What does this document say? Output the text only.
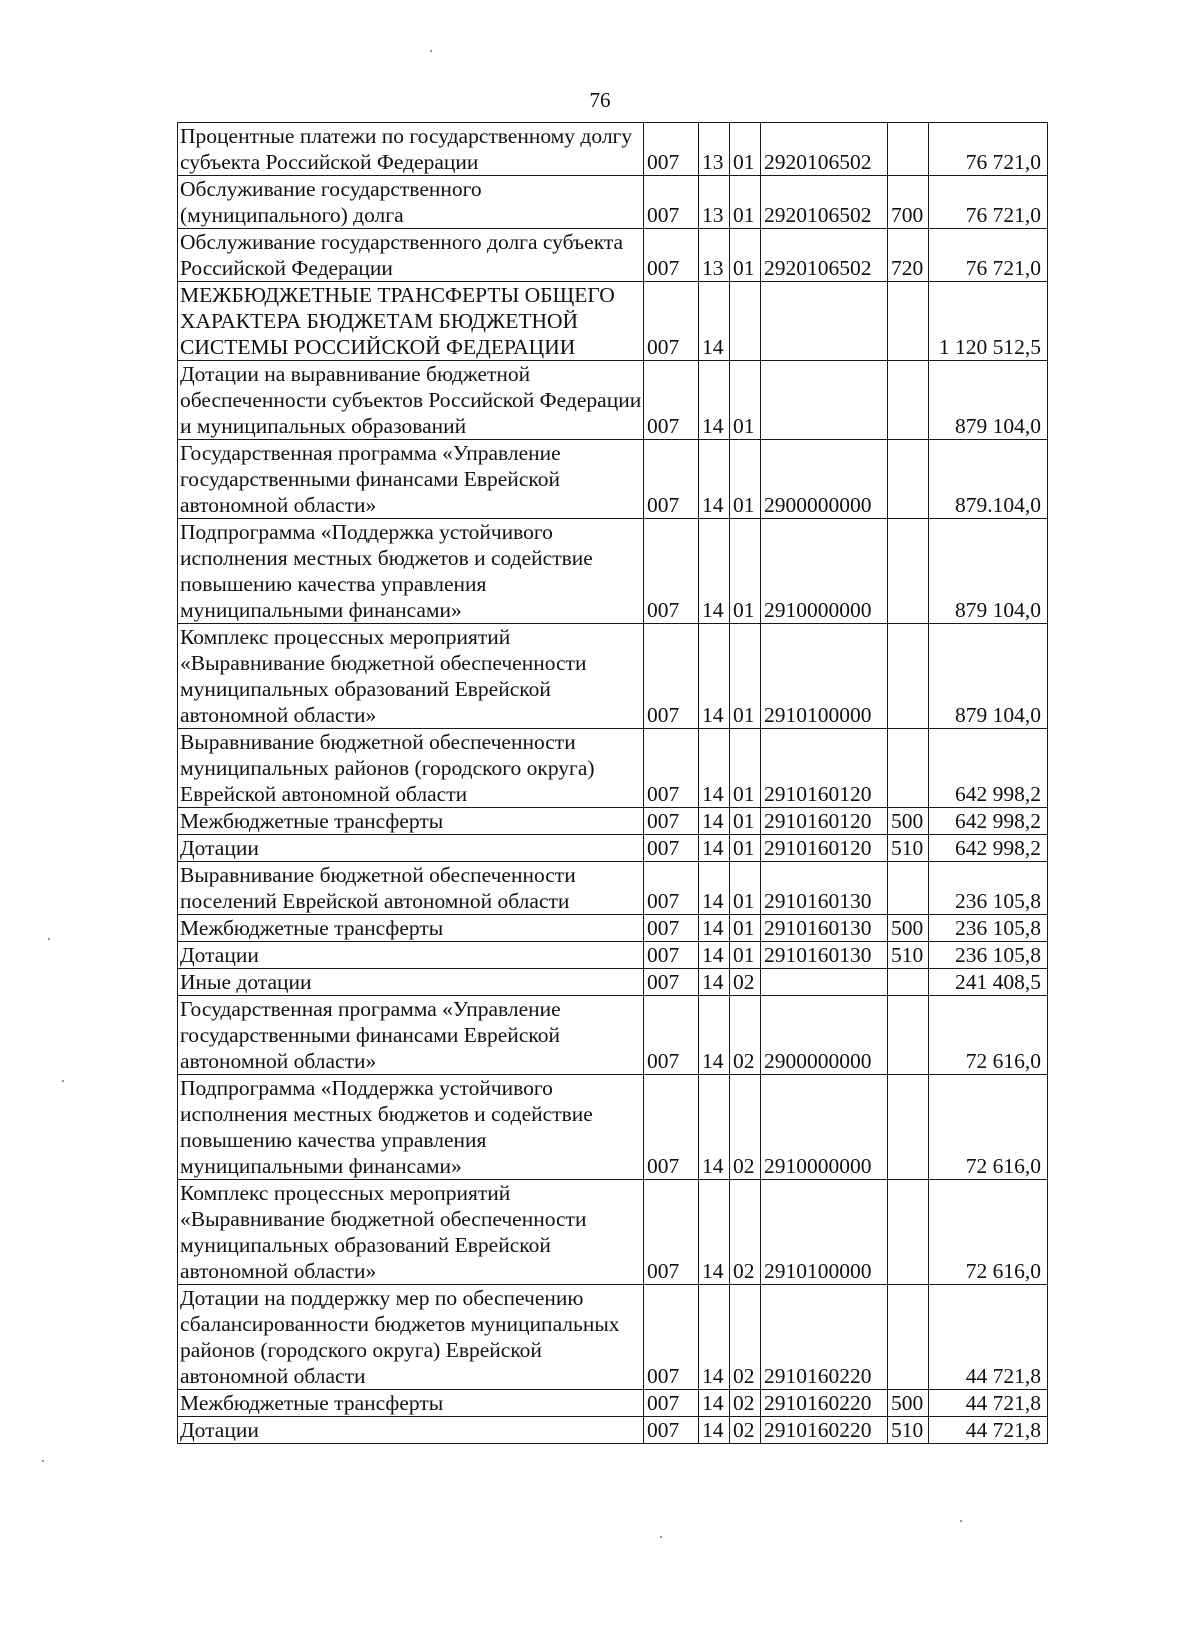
76
Процентные платежи по государственному долгу субъекта Российской Федерации	007	13	01	2920106502		76 721,0
Обслуживание государственного (муниципального) долга	007	13	01	2920106502	700	76 721,0
Обслуживание государственного долга субъекта Российской Федерации	007	13	01	2920106502	720	76 721,0
МЕЖБЮДЖЕТНЫЕ ТРАНСФЕРТЫ ОБЩЕГО ХАРАКТЕРА БЮДЖЕТАМ БЮДЖЕТНОЙ СИСТЕМЫ РОССИЙСКОЙ ФЕДЕРАЦИИ	007	14				1 120 512,5
Дотации на выравнивание бюджетной обеспеченности субъектов Российской Федерации и муниципальных образований	007	14	01			879 104,0
Государственная программа «Управление государственными финансами Еврейской автономной области»	007	14	01	2900000000		879.104,0
Подпрограмма «Поддержка устойчивого исполнения местных бюджетов и содействие повышению качества управления муниципальными финансами»	007	14	01	2910000000		879 104,0
Комплекс процессных мероприятий «Выравнивание бюджетной обеспеченности муниципальных образований Еврейской автономной области»	007	14	01	2910100000		879 104,0
Выравнивание бюджетной обеспеченности муниципальных районов (городского округа) Еврейской автономной области	007	14	01	2910160120		642 998,2
Межбюджетные трансферты	007	14	01	2910160120	500	642 998,2
Дотации	007	14	01	2910160120	510	642 998,2
Выравнивание бюджетной обеспеченности поселений Еврейской автономной области	007	14	01	2910160130		236 105,8
Межбюджетные трансферты	007	14	01	2910160130	500	236 105,8
Дотации	007	14	01	2910160130	510	236 105,8
Иные дотации	007	14	02			241 408,5
Государственная программа «Управление государственными финансами Еврейской автономной области»	007	14	02	2900000000		72 616,0
Подпрограмма «Поддержка устойчивого исполнения местных бюджетов и содействие повышению качества управления муниципальными финансами»	007	14	02	2910000000		72 616,0
Комплекс процессных мероприятий «Выравнивание бюджетной обеспеченности муниципальных образований Еврейской автономной области»	007	14	02	2910100000		72 616,0
Дотации на поддержку мер по обеспечению сбалансированности бюджетов муниципальных районов (городского округа) Еврейской автономной области	007	14	02	2910160220		44 721,8
Межбюджетные трансферты	007	14	02	2910160220	500	44 721,8
Дотации	007	14	02	2910160220	510	44 721,8
